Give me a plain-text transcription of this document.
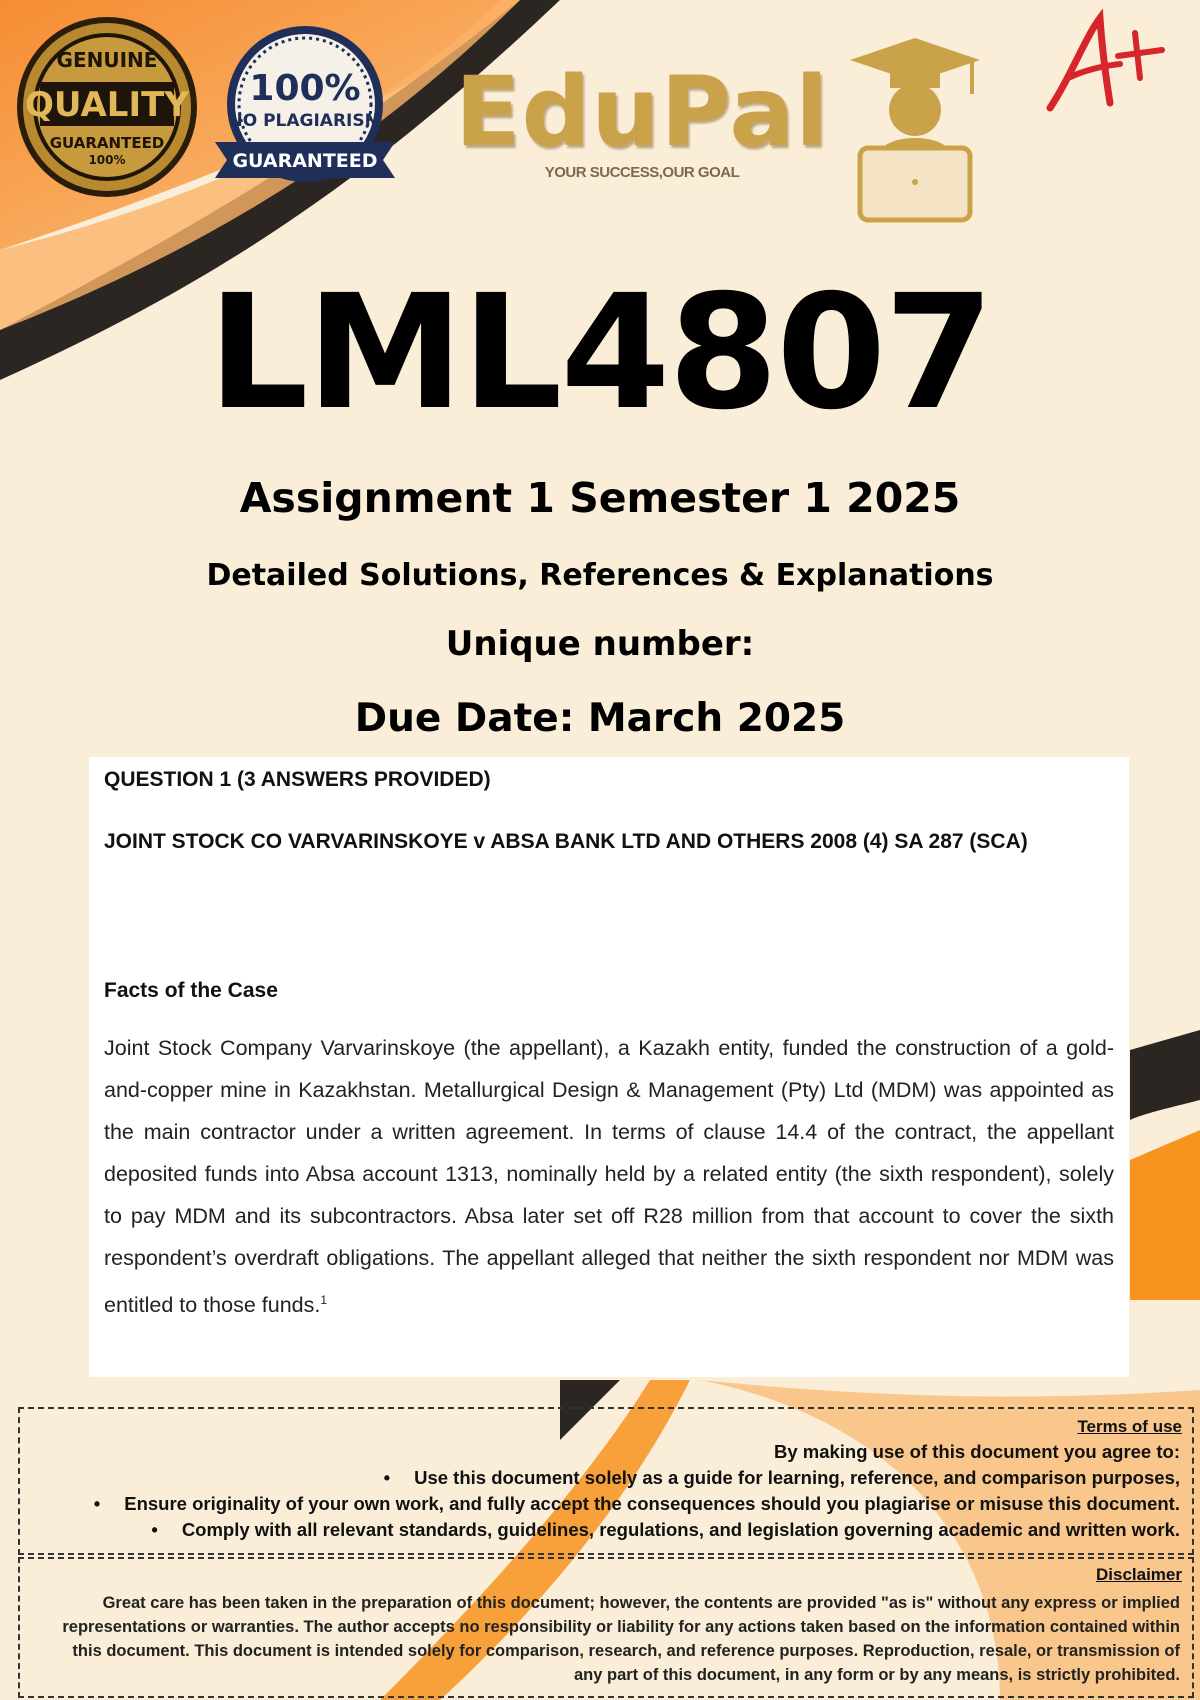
GENUINE
QUALITY
GUARANTEED
100%
100%
NO PLAGIARISM
GUARANTEED EduPal
YOUR SUCCESS,OUR GOAL
LML4807
Assignment 1 Semester 1 2025
Detailed Solutions, References & Explanations
Unique number:
Due Date: March 2025
QUESTION 1 (3 ANSWERS PROVIDED)
JOINT STOCK CO VARVARINSKOYE v ABSA BANK LTD AND OTHERS 2008 (4) SA 287 (SCA)
Facts of the Case
Joint Stock Company Varvarinskoye (the appellant), a Kazakh entity, funded the construction of a gold-and-copper mine in Kazakhstan. Metallurgical Design & Management (Pty) Ltd (MDM) was appointed as the main contractor under a written agreement. In terms of clause 14.4 of the contract, the appellant deposited funds into Absa account 1313, nominally held by a related entity (the sixth respondent), solely to pay MDM and its subcontractors. Absa later set off R28 million from that account to cover the sixth respondent’s overdraft obligations. The appellant alleged that neither the sixth respondent nor MDM was entitled to those funds.$^1$
Terms of use
By making use of this document you agree to:
• Use this document solely as a guide for learning, reference, and comparison purposes,
• Ensure originality of your own work, and fully accept the consequences should you plagiarise or misuse this document.
• Comply with all relevant standards, guidelines, regulations, and legislation governing academic and written work.
Disclaimer
Great care has been taken in the preparation of this document; however, the contents are provided "as is" without any express or implied representations or warranties. The author accepts no responsibility or liability for any actions taken based on the information contained within this document. This document is intended solely for comparison, research, and reference purposes. Reproduction, resale, or transmission of any part of this document, in any form or by any means, is strictly prohibited.
